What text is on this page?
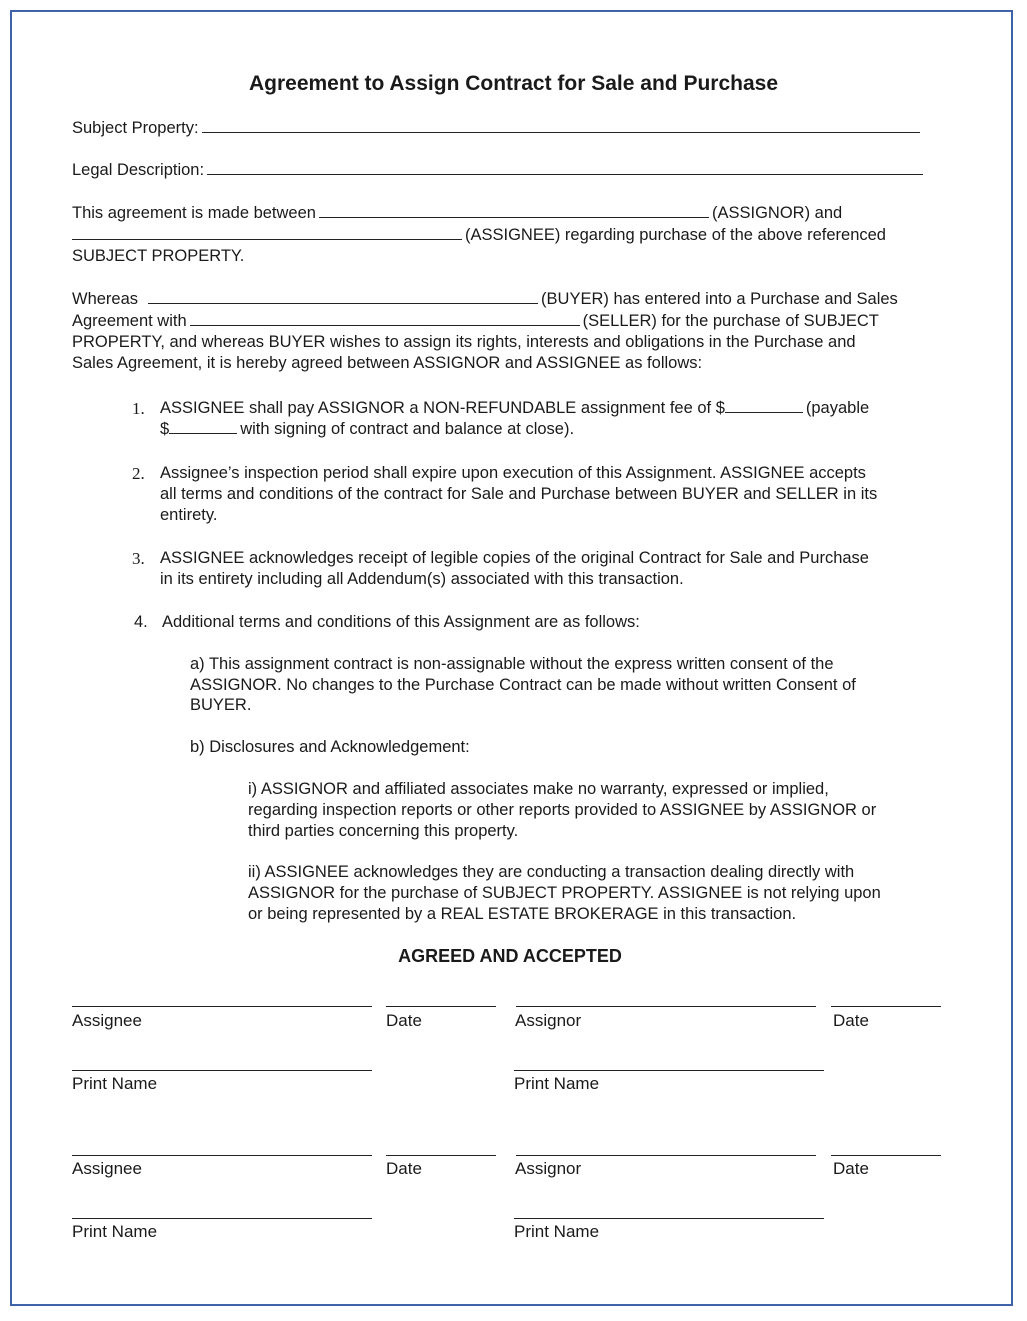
Agreement to Assign Contract for Sale and Purchase
Subject Property:
Legal Description:
This agreement is made between	(ASSIGNOR) and
(ASSIGNEE) regarding purchase of the above referenced
SUBJECT PROPERTY.
Whereas	(BUYER) has entered into a Purchase and Sales
Agreement with	(SELLER) for the purchase of SUBJECT
PROPERTY, and whereas BUYER wishes to assign its rights, interests and obligations in the Purchase and
Sales Agreement, it is hereby agreed between ASSIGNOR and ASSIGNEE as follows:
1. ASSIGNEE shall pay ASSIGNOR a NON-REFUNDABLE assignment fee of $	(payable
$	with signing of contract and balance at close).
2. Assignee’s inspection period shall expire upon execution of this Assignment. ASSIGNEE accepts
all terms and conditions of the contract for Sale and Purchase between BUYER and SELLER in its
entirety.
3. ASSIGNEE acknowledges receipt of legible copies of the original Contract for Sale and Purchase
in its entirety including all Addendum(s) associated with this transaction.
4. Additional terms and conditions of this Assignment are as follows:
a) This assignment contract is non-assignable without the express written consent of the
ASSIGNOR. No changes to the Purchase Contract can be made without written Consent of
BUYER.
b) Disclosures and Acknowledgement:
i) ASSIGNOR and affiliated associates make no warranty, expressed or implied,
regarding inspection reports or other reports provided to ASSIGNEE by ASSIGNOR or
third parties concerning this property.
ii) ASSIGNEE acknowledges they are conducting a transaction dealing directly with
ASSIGNOR for the purchase of SUBJECT PROPERTY. ASSIGNEE is not relying upon
or being represented by a REAL ESTATE BROKERAGE in this transaction.
AGREED AND ACCEPTED
Assignee	Date	Assignor	Date
Print Name	Print Name
Assignee	Date	Assignor	Date
Print Name	Print Name
